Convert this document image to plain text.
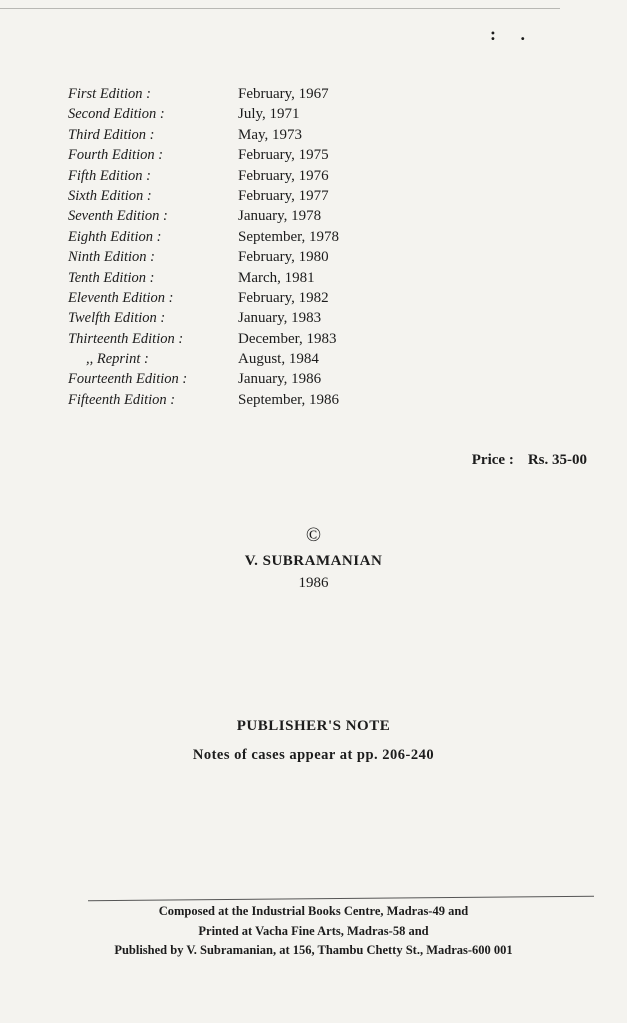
: .
First Edition :	February, 1967
Second Edition :	July, 1971
Third Edition :	May, 1973
Fourth Edition :	February, 1975
Fifth Edition :	February, 1976
Sixth Edition :	February, 1977
Seventh Edition :	January, 1978
Eighth Edition :	September, 1978
Ninth Edition :	February, 1980
Tenth Edition :	March, 1981
Eleventh Edition :	February, 1982
Twelfth Edition :	January, 1983
Thirteenth Edition :	December, 1983
,, Reprint :	August, 1984
Fourteenth Edition :	January, 1986
Fifteenth Edition :	September, 1986
Price : Rs. 35-00
©
V. SUBRAMANIAN
1986
PUBLISHER'S NOTE
Notes of cases appear at pp. 206-240
Composed at the Industrial Books Centre, Madras-49 and
Printed at Vacha Fine Arts, Madras-58 and
Published by V. Subramanian, at 156, Thambu Chetty St., Madras-600 001
